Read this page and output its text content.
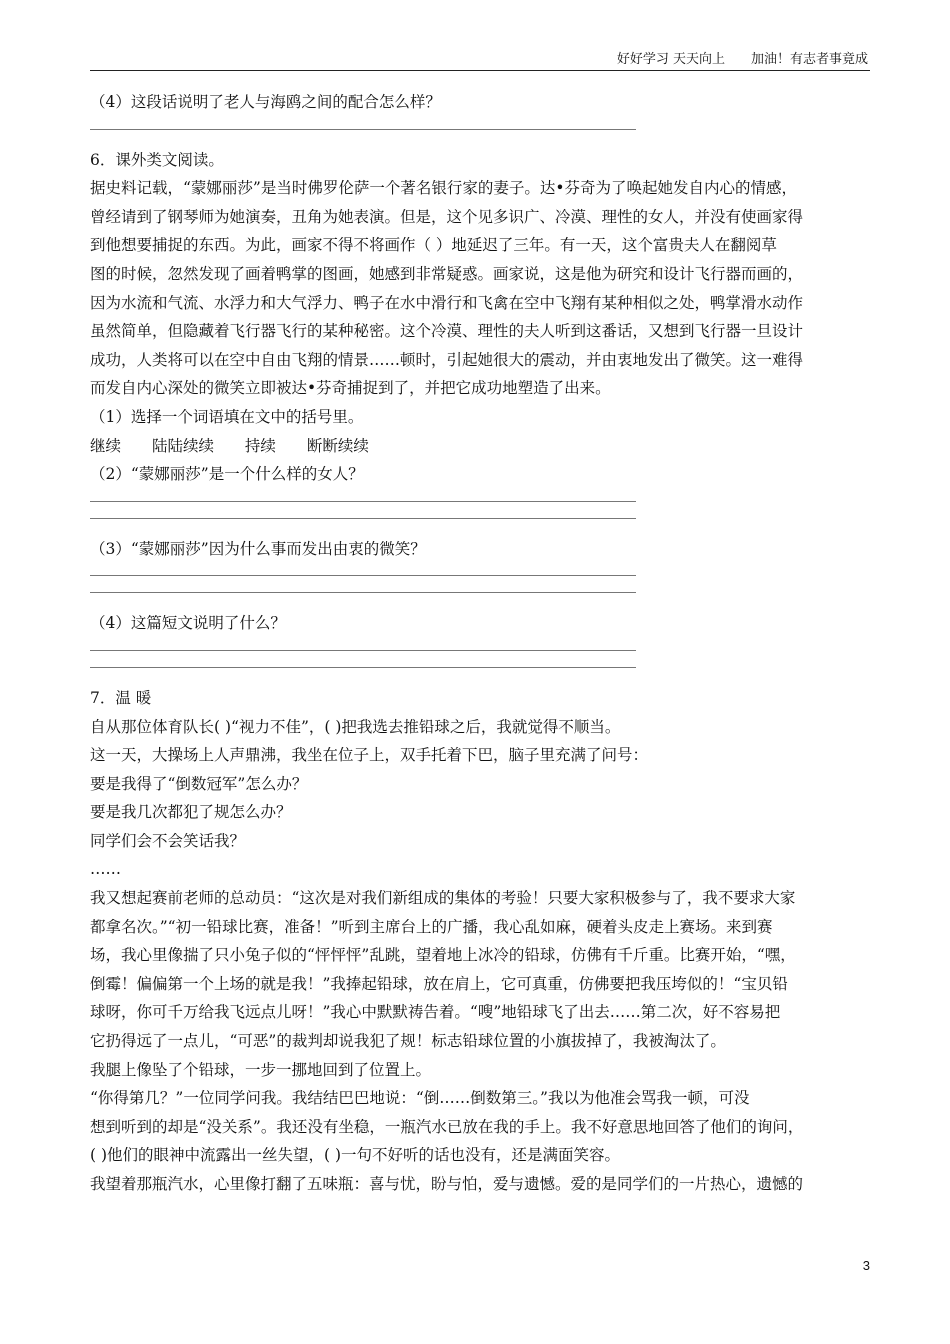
好好学习 天天向上 加油！有志者事竟成

（4）这段话说明了老人与海鸥之间的配合怎么样？

6．课外类文阅读。

据史料记载，“蒙娜丽莎”是当时佛罗伦萨一个著名银行家的妻子。达•芬奇为了唤起她发自内心的情感，

曾经请到了钢琴师为她演奏，丑角为她表演。但是，这个见多识广、冷漠、理性的女人，并没有使画家得

到他想要捕捉的东西。为此，画家不得不将画作（ ）地延迟了三年。有一天，这个富贵夫人在翻阅草

图的时候，忽然发现了画着鸭掌的图画，她感到非常疑惑。画家说，这是他为研究和设计飞行器而画的，

因为水流和气流、水浮力和大气浮力、鸭子在水中滑行和飞禽在空中飞翔有某种相似之处，鸭掌滑水动作

虽然简单，但隐藏着飞行器飞行的某种秘密。这个冷漠、理性的夫人听到这番话，又想到飞行器一旦设计

成功，人类将可以在空中自由飞翔的情景……顿时，引起她很大的震动，并由衷地发出了微笑。这一难得

而发自内心深处的微笑立即被达•芬奇捕捉到了，并把它成功地塑造了出来。

（1）选择一个词语填在文中的括号里。

继续 陆陆续续 持续 断断续续

（2）“蒙娜丽莎”是一个什么样的女人？

（3）“蒙娜丽莎”因为什么事而发出由衷的微笑？

（4）这篇短文说明了什么？

7．温 暖

自从那位体育队长( )“视力不佳”，( )把我选去推铅球之后，我就觉得不顺当。

这一天，大操场上人声鼎沸，我坐在位子上，双手托着下巴，脑子里充满了问号：

要是我得了“倒数冠军”怎么办？

要是我几次都犯了规怎么办？

同学们会不会笑话我？

……

我又想起赛前老师的总动员：“这次是对我们新组成的集体的考验！只要大家积极参与了，我不要求大家

都拿名次。”“初一铅球比赛，准备！”听到主席台上的广播，我心乱如麻，硬着头皮走上赛场。来到赛

场，我心里像揣了只小兔子似的“怦怦怦”乱跳，望着地上冰冷的铅球，仿佛有千斤重。比赛开始，“嘿，

倒霉！偏偏第一个上场的就是我！”我捧起铅球，放在肩上，它可真重，仿佛要把我压垮似的！“宝贝铅

球呀，你可千万给我飞远点儿呀！”我心中默默祷告着。“嗖”地铅球飞了出去……第二次，好不容易把

它扔得远了一点儿，“可恶”的裁判却说我犯了规！标志铅球位置的小旗拔掉了，我被淘汰了。

我腿上像坠了个铅球，一步一挪地回到了位置上。

“你得第几？”一位同学问我。我结结巴巴地说：“倒……倒数第三。”我以为他准会骂我一顿，可没

想到听到的却是“没关系”。我还没有坐稳，一瓶汽水已放在我的手上。我不好意思地回答了他们的询问，

( )他们的眼神中流露出一丝失望，( )一句不好听的话也没有，还是满面笑容。

我望着那瓶汽水，心里像打翻了五味瓶：喜与忧，盼与怕，爱与遗憾。爱的是同学们的一片热心，遗憾的

3
